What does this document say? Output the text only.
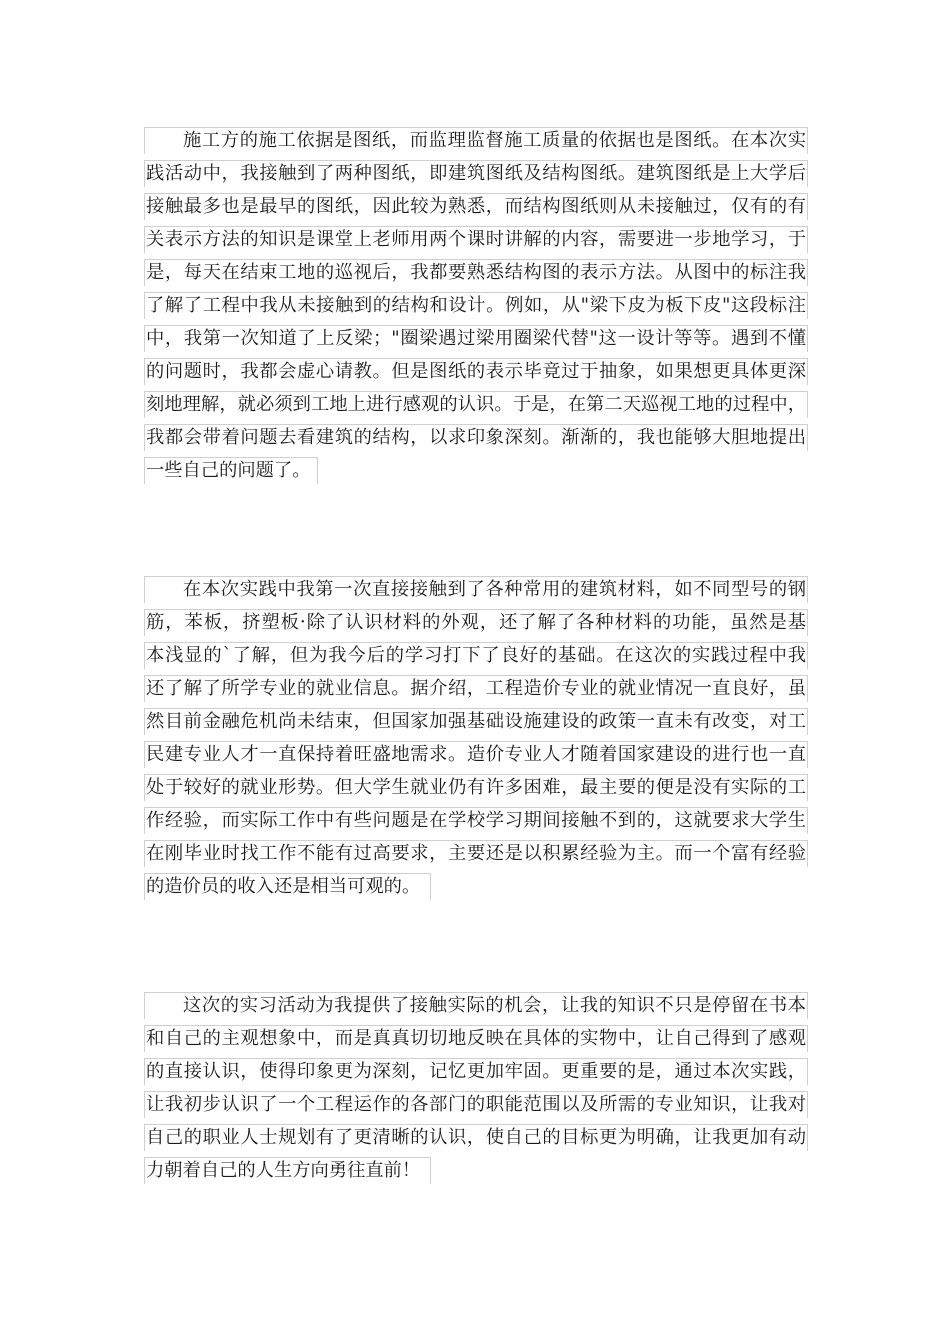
施工方的施工依据是图纸，而监理监督施工质量的依据也是图纸。在本次实
践活动中，我接触到了两种图纸，即建筑图纸及结构图纸。建筑图纸是上大学后
接触最多也是最早的图纸，因此较为熟悉，而结构图纸则从未接触过，仅有的有
关表示方法的知识是课堂上老师用两个课时讲解的内容，需要进一步地学习，于
是，每天在结束工地的巡视后，我都要熟悉结构图的表示方法。从图中的标注我
了解了工程中我从未接触到的结构和设计。例如，从"梁下皮为板下皮"这段标注
中，我第一次知道了上反梁；"圈梁遇过梁用圈梁代替"这一设计等等。遇到不懂
的问题时，我都会虚心请教。但是图纸的表示毕竟过于抽象，如果想更具体更深
刻地理解，就必须到工地上进行感观的认识。于是，在第二天巡视工地的过程中，
我都会带着问题去看建筑的结构，以求印象深刻。渐渐的，我也能够大胆地提出
一些自己的问题了。
在本次实践中我第一次直接接触到了各种常用的建筑材料，如不同型号的钢
筋，苯板，挤塑板·除了认识材料的外观，还了解了各种材料的功能，虽然是基
本浅显的`了解，但为我今后的学习打下了良好的基础。在这次的实践过程中我
还了解了所学专业的就业信息。据介绍，工程造价专业的就业情况一直良好，虽
然目前金融危机尚未结束，但国家加强基础设施建设的政策一直未有改变，对工
民建专业人才一直保持着旺盛地需求。造价专业人才随着国家建设的进行也一直
处于较好的就业形势。但大学生就业仍有许多困难，最主要的便是没有实际的工
作经验，而实际工作中有些问题是在学校学习期间接触不到的，这就要求大学生
在刚毕业时找工作不能有过高要求，主要还是以积累经验为主。而一个富有经验
的造价员的收入还是相当可观的。
这次的实习活动为我提供了接触实际的机会，让我的知识不只是停留在书本
和自己的主观想象中，而是真真切切地反映在具体的实物中，让自己得到了感观
的直接认识，使得印象更为深刻，记忆更加牢固。更重要的是，通过本次实践，
让我初步认识了一个工程运作的各部门的职能范围以及所需的专业知识，让我对
自己的职业人士规划有了更清晰的认识，使自己的目标更为明确，让我更加有动
力朝着自己的人生方向勇往直前！
